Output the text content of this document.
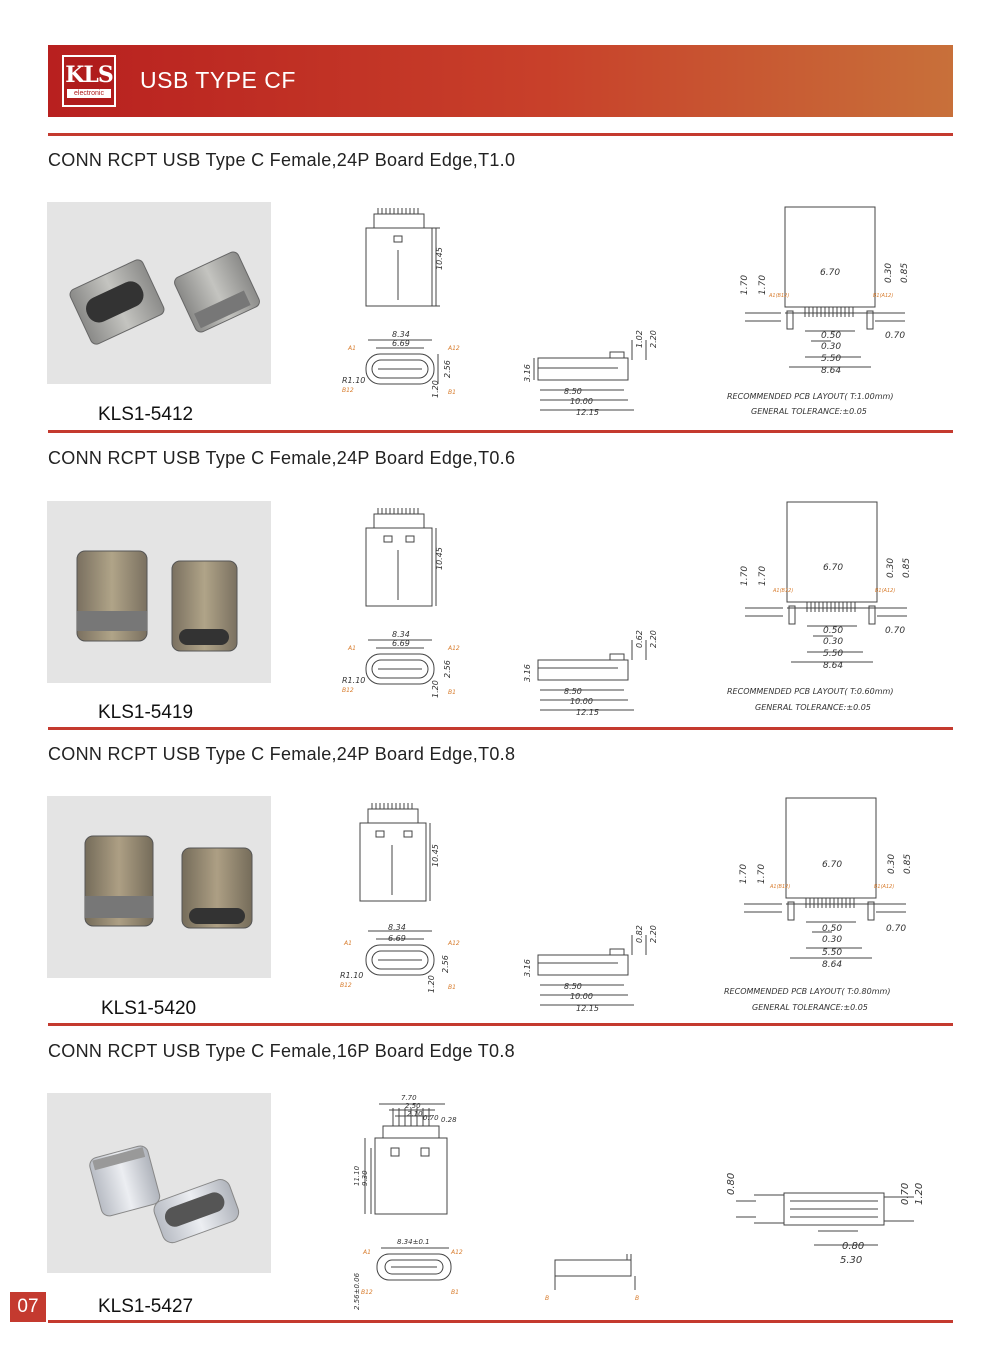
KLS
electronic
USB TYPE CF
CONN RCPT USB Type C Female,24P Board Edge,T1.0
KLS1-5412
10.45
8.34
6.69
R1.10
2.56
1.20	8.50
10.00
12.15
3.16
1.02 2.20
A1	A12
B12	B1
6.70
1.70 1.70
0.30 0.85
0.50
0.30
5.50
8.64
0.70
A1(B12)	B1(A12)
RECOMMENDED PCB LAYOUT( T:1.00mm)
GENERAL TOLERANCE:±0.05
CONN RCPT USB Type C Female,24P Board Edge,T0.6
KLS1-5419
10.45
8.34
6.69
R1.10
2.56
1.20	8.50
10.00
12.15
3.16
0.62 2.20
A1	A12
B12	B1
6.70
1.70 1.70	0.30 0.85
0.50
0.30
5.50
8.64
0.70
A1(B12)	B1(A12)
RECOMMENDED PCB LAYOUT( T:0.60mm)
GENERAL TOLERANCE:±0.05
CONN RCPT USB Type C Female,24P Board Edge,T0.8
KLS1-5420
10.45
8.34
6.69
R1.10
2.56
1.20	8.50
10.00
12.15
3.16
0.82 2.20
A1	A12
B12	B1
6.70
1.70 1.70	0.30 0.85
0.50
0.30
5.50
8.64
0.70
A1(B12)	B1(A12)
RECOMMENDED PCB LAYOUT( T:0.80mm)
GENERAL TOLERANCE:±0.05
CONN RCPT USB Type C Female,16P Board Edge T0.8
KLS1-5427
7.70
2.50
2.10 0.70 0.28
11.10 9.30
8.34±0.1
2.56±0.06
A1	A12
B12	B1
B	B
0.80	0.70 1.20
0.80
5.30
07
